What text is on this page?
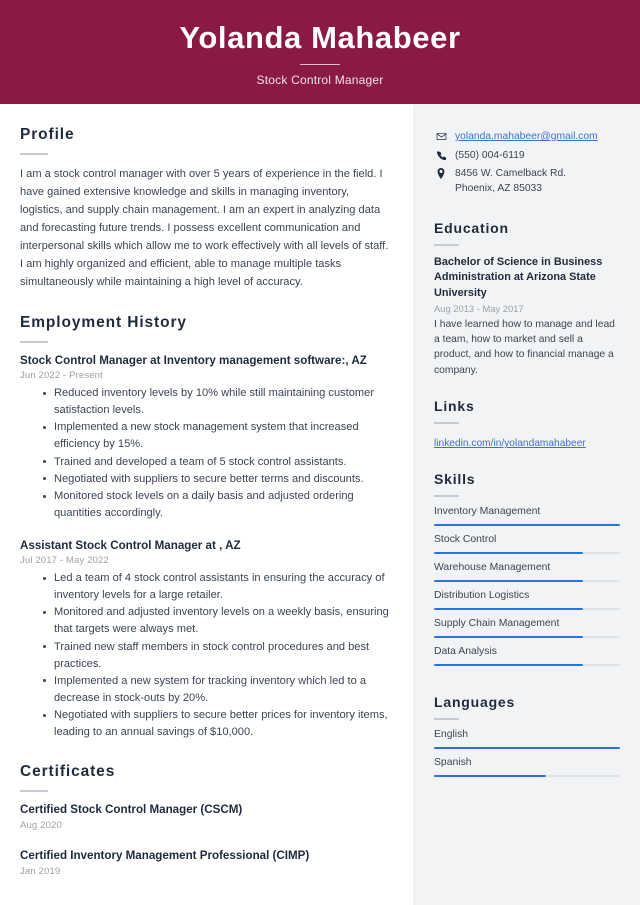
Yolanda Mahabeer
Stock Control Manager
Profile
I am a stock control manager with over 5 years of experience in the field. I have gained extensive knowledge and skills in managing inventory, logistics, and supply chain management. I am an expert in analyzing data and forecasting future trends. I possess excellent communication and interpersonal skills which allow me to work effectively with all levels of staff. I am highly organized and efficient, able to manage multiple tasks simultaneously while maintaining a high level of accuracy.
Employment History
Stock Control Manager at Inventory management software:, AZ
Jun 2022 - Present
Reduced inventory levels by 10% while still maintaining customer satisfaction levels.
Implemented a new stock management system that increased efficiency by 15%.
Trained and developed a team of 5 stock control assistants.
Negotiated with suppliers to secure better terms and discounts.
Monitored stock levels on a daily basis and adjusted ordering quantities accordingly.
Assistant Stock Control Manager at , AZ
Jul 2017 - May 2022
Led a team of 4 stock control assistants in ensuring the accuracy of inventory levels for a large retailer.
Monitored and adjusted inventory levels on a weekly basis, ensuring that targets were always met.
Trained new staff members in stock control procedures and best practices.
Implemented a new system for tracking inventory which led to a decrease in stock-outs by 20%.
Negotiated with suppliers to secure better prices for inventory items, leading to an annual savings of $10,000.
Certificates
Certified Stock Control Manager (CSCM)
Aug 2020
Certified Inventory Management Professional (CIMP)
Jan 2019
yolanda.mahabeer@gmail.com
(550) 004-6119
8456 W. Camelback Rd.
Phoenix, AZ 85033
Education
Bachelor of Science in Business Administration at Arizona State University
Aug 2013 - May 2017
I have learned how to manage and lead a team, how to market and sell a product, and how to financial manage a company.
Links
linkedin.com/in/yolandamahabeer
Skills
Inventory Management
Stock Control
Warehouse Management
Distribution Logistics
Supply Chain Management
Data Analysis
Languages
English
Spanish
